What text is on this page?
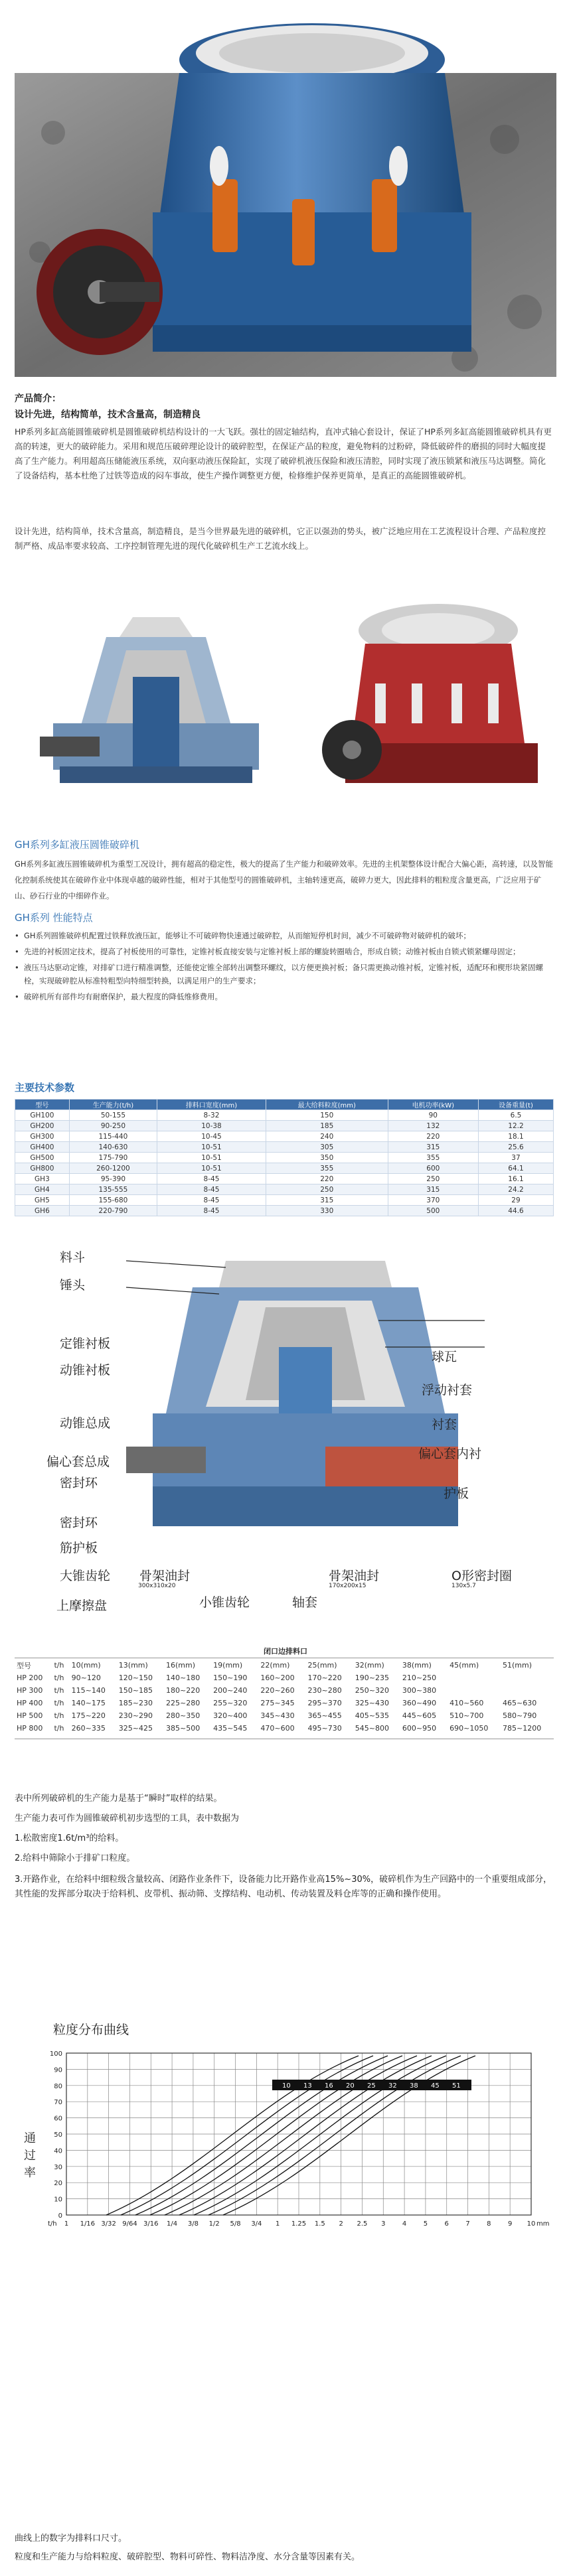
产品简介：
设计先进，结构简单，技术含量高，制造精良

HP系列多缸高能圆锥破碎机是圆锥破碎机结构设计的一大飞跃。强壮的固定轴结构，直冲式轴心套设计，保证了HP系列多缸高能圆锥破碎机具有更高的转速，更大的破碎能力。采用和规范压破碎理论设计的破碎腔型，在保证产品的粒度，避免物料的过粉碎，降低破碎件的磨损的同时大幅度提高了生产能力。利用超高压储能液压系统，双向驱动液压保险缸，实现了破碎机液压保险和液压清腔，同时实现了液压锁紧和液压马达调整。简化了设备结构，基本杜绝了过铁等造成的闷车事故，使生产操作调整更方便，检修维护保养更简单，是真正的高能圆锥破碎机。

设计先进，结构简单，技术含量高，制造精良，是当今世界最先进的破碎机，它正以强劲的势头，被广泛地应用在工艺流程设计合理、产品粒度控制严格、成品率要求较高、工序控制管理先进的现代化破碎机生产工艺流水线上。

GH系列多缸液压圆锥破碎机

GH系列多缸液压圆锥破碎机为重型工况设计，拥有超高的稳定性，极大的提高了生产能力和破碎效率。先进的主机架整体设计配合大偏心距，高转速，以及智能化控制系统使其在破碎作业中体现卓越的破碎性能，相对于其他型号的圆锥破碎机，主轴转速更高，破碎力更大，因此排料的粗粒度含量更高，广泛应用于矿山、砂石行业的中细碎作业。

GH系列 性能特点
• GH系列圆锥破碎机配置过铁释放液压缸，能够让不可破碎物快速通过破碎腔，从而缩短停机时间，减少不可破碎物对破碎机的破坏；
• 先进的衬板固定技术，提高了衬板使用的可靠性，定锥衬板直接安装与定锥衬板上部的螺旋转圈啮合，形成自锁；动锥衬板由自锁式锁紧螺母固定；
• 液压马达驱动定锥，对排矿口进行精准调整，还能使定锥全部转出调整环螺纹，以方便更换衬板；备只需更换动锥衬板，定锥衬板，适配环和楔形块紧固螺栓，实现破碎腔从标准特粗型向特细型转换，以满足用户的生产要求；
• 破碎机所有部件均有耐磨保护，最大程度的降低维修费用。
主要技术参数
型号	生产能力(t/h)	排料口宽度(mm)	最大给料粒度(mm)	电机功率(kW)	设备重量(t)
GH100	50-155	8-32	150	90	6.5
GH200	90-250	10-38	185	132	12.2
GH300	115-440	10-45	240	220	18.1
GH400	140-630	10-51	305	315	25.6
GH500	175-790	10-51	350	355	37
GH800	260-1200	10-51	355	600	64.1
GH3	95-390	8-45	220	250	16.1
GH4	135-555	8-45	250	315	24.2
GH5	155-680	8-45	315	370	29
GH6	220-790	8-45	330	500	44.6
料斗
锤头
定锥衬板
动锥衬板
动锥总成
偏心套总成
密封环
密封环
筋护板
大锥齿轮
上摩擦盘
球瓦
浮动衬套
衬套
偏心套内衬
护板
骨架油封
小锥齿轮	轴套
骨架油封	O形密封圈
300x310x20	170x200x15	130x5.7
闭口边排料口
型号	t/h	10(mm)	13(mm)	16(mm)	19(mm)	22(mm)	25(mm)	32(mm)	38(mm)	45(mm)	51(mm)
HP 200	t/h	90~120	120~150	140~180	150~190	160~200	170~220	190~235	210~250		
HP 300	t/h	115~140	150~185	180~220	200~240	220~260	230~280	250~320	300~380		
HP 400	t/h	140~175	185~230	225~280	255~320	275~345	295~370	325~430	360~490	410~560	465~630
HP 500	t/h	175~220	230~290	280~350	320~400	345~430	365~455	405~535	445~605	510~700	580~790
HP 800	t/h	260~335	325~425	385~500	435~545	470~600	495~730	545~800	600~950	690~1050	785~1200
表中所列破碎机的生产能力是基于“瞬时”取样的结果。
生产能力表可作为圆锥破碎机初步选型的工具，表中数据为
1.松散密度1.6t/m³的给料。
2.给料中筛除小于排矿口粒度。
3.开路作业，在给料中细粒级含量较高、闭路作业条件下，设备能力比开路作业高15%~30%，破碎机作为生产回路中的一个重要组成部分，其性能的发挥部分取决于给料机、皮带机、振动筛、支撑结构、电动机、传动装置及料仓库等的正确和操作使用。
粒度分布曲线
通过率
1 1/16 3/32 9/64 3/16 1/4 3/8 1/2 5/8 3/4 1 1.25 1.5 2 2.5 3	4	5	6	7	8	9 10
100
90
80
70
60
50
40
30
20
10
0
t/h	mm
10 13 16 20 25 32 38 45 51
曲线上的数字为排料口尺寸。
粒度和生产能力与给料粒度、破碎腔型、物料可碎性、物料洁净度、水分含量等因素有关。
